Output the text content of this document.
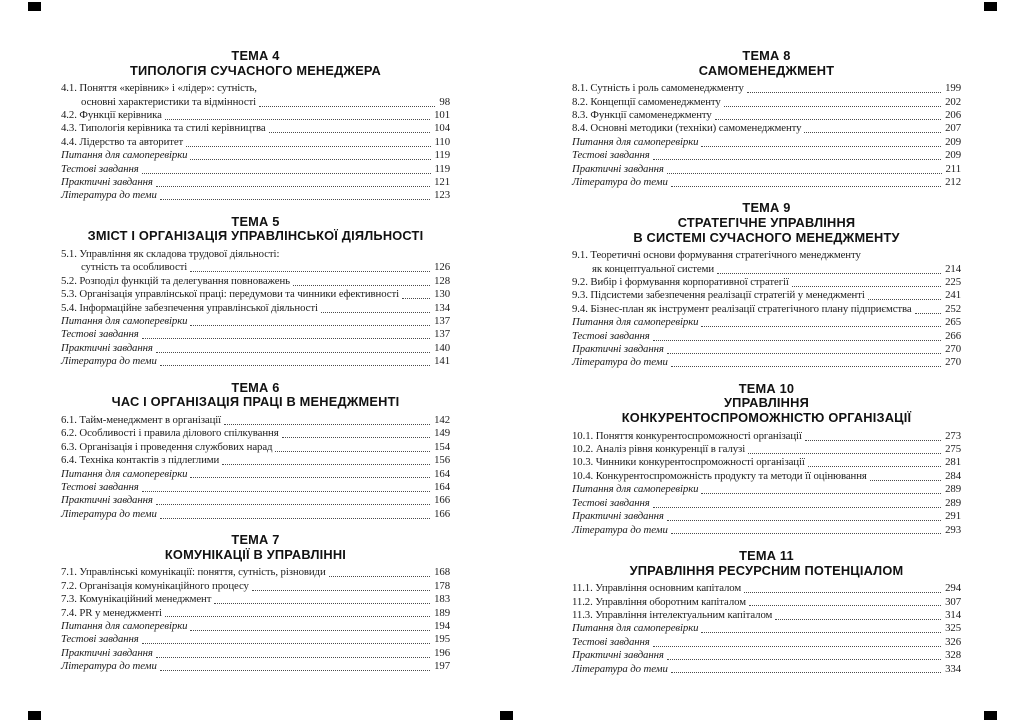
ТЕМА 4
ТИПОЛОГІЯ СУЧАСНОГО МЕНЕДЖЕРА
4.1. Поняття «керівник» і «лідер»: сутність,
основні характеристики та відмінності	98
4.2. Функції керівника	101
4.3. Типологія керівника та стилі керівництва	104
4.4. Лідерство та авторитет	110
Питання для самоперевірки	119
Тестові завдання	119
Практичні завдання	121
Література до теми	123
ТЕМА 5
ЗМІСТ І ОРГАНІЗАЦІЯ УПРАВЛІНСЬКОЇ ДІЯЛЬНОСТІ
5.1. Управління як складова трудової діяльності:
сутність та особливості	126
5.2. Розподіл функцій та делегування повноважень	128
5.3. Організація управлінської праці: передумови та чинники ефективності	130
5.4. Інформаційне забезпечення управлінської діяльності	134
Питання для самоперевірки	137
Тестові завдання	137
Практичні завдання	140
Література до теми	141
ТЕМА 6
ЧАС І ОРГАНІЗАЦІЯ ПРАЦІ В МЕНЕДЖМЕНТІ
6.1. Тайм-менеджмент в організації	142
6.2. Особливості і правила ділового спілкування	149
6.3. Організація і проведення службових нарад	154
6.4. Техніка контактів з підлеглими	156
Питання для самоперевірки	164
Тестові завдання	164
Практичні завдання	166
Література до теми	166
ТЕМА 7
КОМУНІКАЦІЇ В УПРАВЛІННІ
7.1. Управлінські комунікації: поняття, сутність, різновиди	168
7.2. Організація комунікаційного процесу	178
7.3. Комунікаційний менеджмент	183
7.4. PR у менеджменті	189
Питання для самоперевірки	194
Тестові завдання	195
Практичні завдання	196
Література до теми	197
ТЕМА 8
САМОМЕНЕДЖМЕНТ
8.1. Сутність і роль самоменеджменту	199
8.2. Концепції самоменеджменту	202
8.3. Функції самоменеджменту	206
8.4. Основні методики (техніки) самоменеджменту	207
Питання для самоперевірки	209
Тестові завдання	209
Практичні завдання	211
Література до теми	212
ТЕМА 9
СТРАТЕГІЧНЕ УПРАВЛІННЯ
В СИСТЕМІ СУЧАСНОГО МЕНЕДЖМЕНТУ
9.1. Теоретичні основи формування стратегічного менеджменту
як концептуальної системи	214
9.2. Вибір і формування корпоративної стратегії	225
9.3. Підсистеми забезпечення реалізації стратегій у менеджменті	241
9.4. Бізнес-план як інструмент реалізації стратегічного плану підприємства	252
Питання для самоперевірки	265
Тестові завдання	266
Практичні завдання	270
Література до теми	270
ТЕМА 10
УПРАВЛІННЯ
КОНКУРЕНТОСПРОМОЖНІСТЮ ОРГАНІЗАЦІЇ
10.1. Поняття конкурентоспроможності організації	273
10.2. Аналіз рівня конкуренції в галузі	275
10.3. Чинники конкурентоспроможності організації	281
10.4. Конкурентоспроможність продукту та методи її оцінювання	284
Питання для самоперевірки	289
Тестові завдання	289
Практичні завдання	291
Література до теми	293
ТЕМА 11
УПРАВЛІННЯ РЕСУРСНИМ ПОТЕНЦІАЛОМ
11.1. Управління основним капіталом	294
11.2. Управління оборотним капіталом	307
11.3. Управління інтелектуальним капіталом	314
Питання для самоперевірки	325
Тестові завдання	326
Практичні завдання	328
Література до теми	334
